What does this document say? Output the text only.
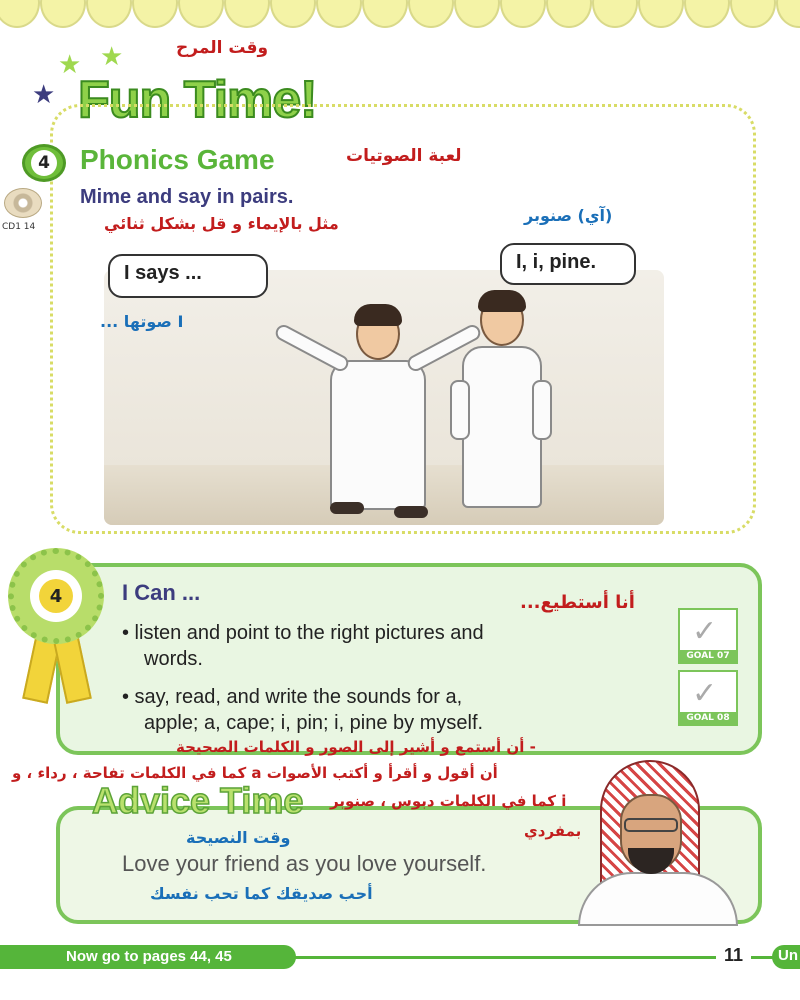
★ ★
★
وقت المرح
Fun Time!
4 Phonics Game	لعبة الصوتيات
CD1 14
Mime and say in pairs.
مثل بالإيماء و قل بشكل ثنائي	(آي) صنوبر
I says ...	I, i, pine.
I صوتها ...
4	I Can ...	أنا أستطيع...
• listen and point to the right pictures and
words.
• say, read, and write the sounds for a,
apple; a, cape; i, pin; i, pine by myself.
✓
GOAL 07
✓
GOAL 08
- أن أستمع و أشير إلى الصور و الكلمات الصحيحة
أن أقول و أقرأ و أكتب الأصوات a كما في الكلمات تفاحة ، رداء ، و
Advice Time i كما في الكلمات دبوس ، صنوبر
بمفردي
وقت النصيحة
Love your friend as you love yourself.
أحب صديقك كما تحب نفسك
Now go to pages 44, 45	11	Un
